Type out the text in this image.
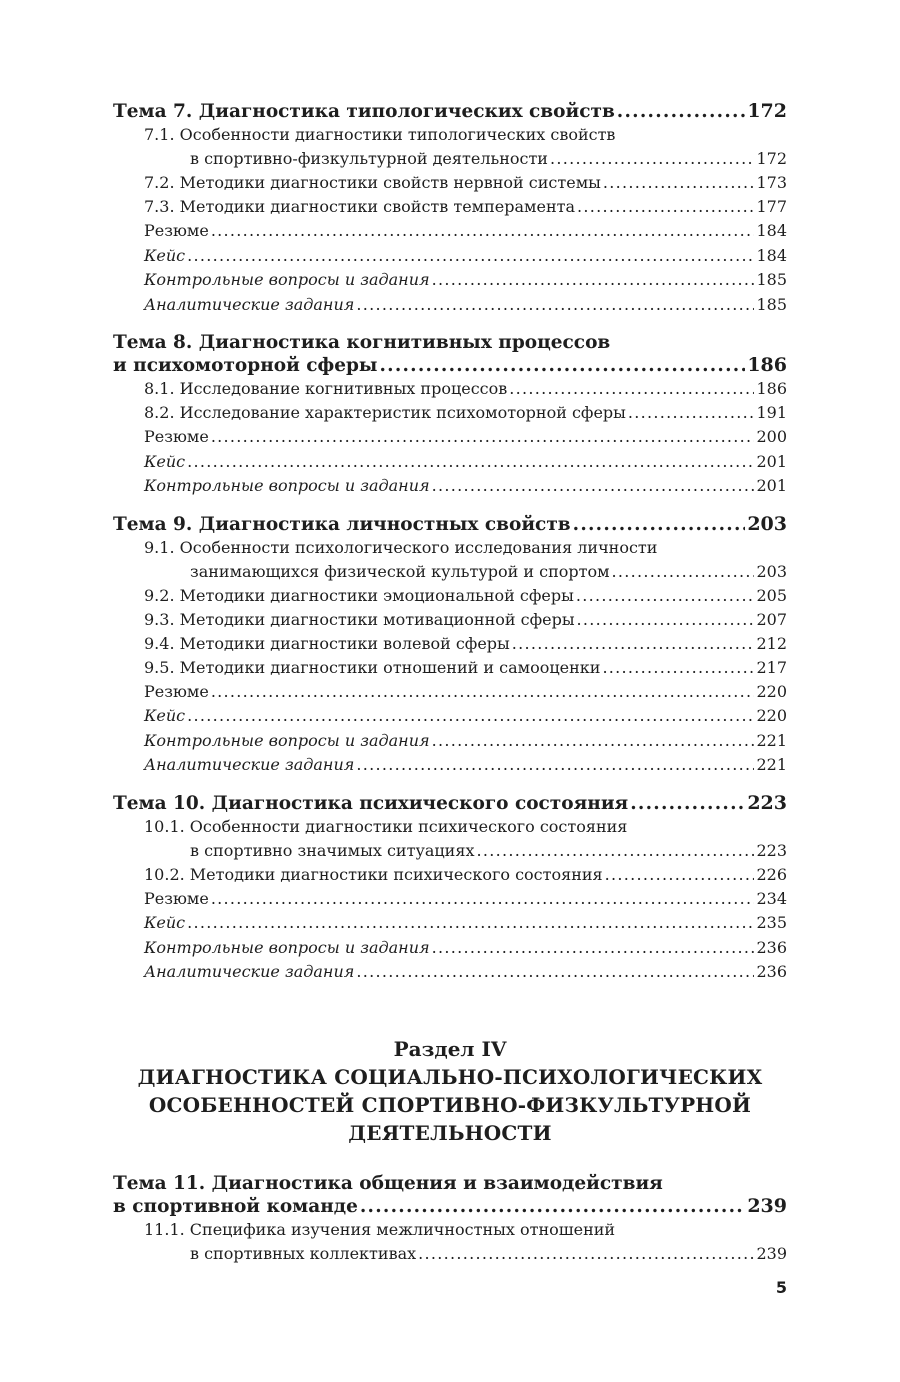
Тема 7. Диагностика типологических свойств . . .	172
7.1. Особенности диагностики типологических свойств
в спортивно-физкультурной деятельности . . .	172
7.2. Методики диагностики свойств нервной системы . . .	173
7.3. Методики диагностики свойств темперамента . . .	177
Резюме . . .	184
Кейс . . .	184
Контрольные вопросы и задания . . .	185
Аналитические задания . . .	185
Тема 8. Диагностика когнитивных процессов
и психомоторной сферы . . .	186
8.1. Исследование когнитивных процессов . . .	186
8.2. Исследование характеристик психомоторной сферы . . .	191
Резюме . . .	200
Кейс . . .	201
Контрольные вопросы и задания . . .	201
Тема 9. Диагностика личностных свойств . . .	203
9.1. Особенности психологического исследования личности
занимающихся физической культурой и спортом . . .	203
9.2. Методики диагностики эмоциональной сферы . . .	205
9.3. Методики диагностики мотивационной сферы . . .	207
9.4. Методики диагностики волевой сферы . . .	212
9.5. Методики диагностики отношений и самооценки . . .	217
Резюме . . .	220
Кейс . . .	220
Контрольные вопросы и задания . . .	221
Аналитические задания . . .	221
Тема 10. Диагностика психического состояния . . .	223
10.1. Особенности диагностики психического состояния
в спортивно значимых ситуациях . . .	223
10.2. Методики диагностики психического состояния . . .	226
Резюме . . .	234
Кейс . . .	235
Контрольные вопросы и задания . . .	236
Аналитические задания . . .	236
Раздел IV
ДИАГНОСТИКА СОЦИАЛЬНО-ПСИХОЛОГИЧЕСКИХ
ОСОБЕННОСТЕЙ СПОРТИВНО-ФИЗКУЛЬТУРНОЙ
ДЕЯТЕЛЬНОСТИ
Тема 11. Диагностика общения и взаимодействия
в спортивной команде . . .	239
11.1. Специфика изучения межличностных отношений
в спортивных коллективах . . .	239
5
